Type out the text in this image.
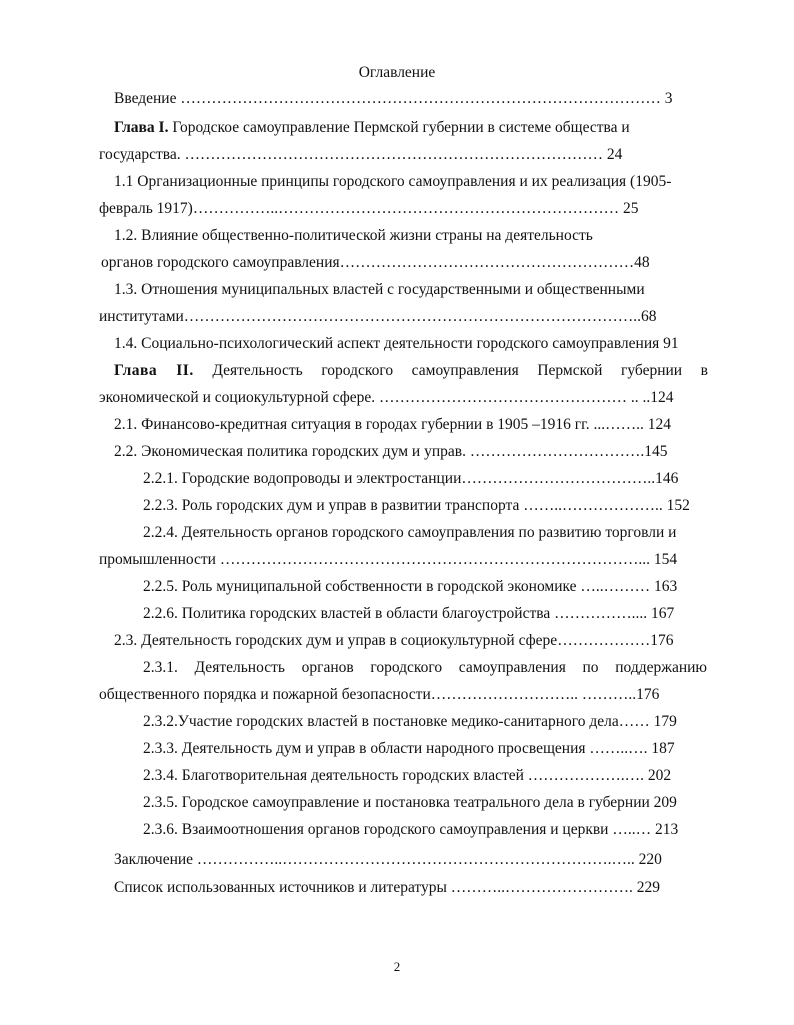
Оглавление
Введение ………………………………………………………………………………… 3
Глава I. Городское самоуправление Пермской губернии в системе общества и
государства. ……………………………………………………………………… 24
1.1 Организационные принципы городского самоуправления и их реализация (1905-
февраль 1917)……………..………………………………………………………… 25
1.2. Влияние общественно-политической жизни страны на деятельность
органов городского самоуправления…………………………………………………48
1.3. Отношения муниципальных властей с государственными и общественными
институтами……………………………………………………………………………..68
1.4. Социально-психологический аспект деятельности городского самоуправления 91
Глава II. Деятельность городского самоуправления Пермской губернии в
экономической и социокультурной сфере. ………………………………………… .. ..124
2.1. Финансово-кредитная ситуация в городах губернии в 1905 –1916 гг. ...…….. 124
2.2. Экономическая политика городских дум и управ. …………………………….145
2.2.1. Городские водопроводы и электростанции………………………………..146
2.2.3. Роль городских дум и управ в развитии транспорта ……..……………….. 152
2.2.4. Деятельность органов городского самоуправления по развитию торговли и
промышленности ………………………………………………………………………... 154
2.2.5. Роль муниципальной собственности в городской экономике …..……… 163
2.2.6. Политика городских властей в области благоустройства …………….... 167
2.3. Деятельность городских дум и управ в социокультурной сфере………………176
2.3.1. Деятельность органов городского самоуправления по поддержанию
общественного порядка и пожарной безопасности……………………….. ………..176
2.3.2.Участие городских властей в постановке медико-санитарного дела…… 179
2.3.3. Деятельность дум и управ в области народного просвещения ……..…. 187
2.3.4. Благотворительная деятельность городских властей ……………….…. 202
2.3.5. Городское самоуправление и постановка театрального дела в губернии 209
2.3.6. Взаимоотношения органов городского самоуправления и церкви …..… 213
Заключение ……………..……………………………………………………….….. 220
Список использованных источников и литературы ………..……………………. 229
2
